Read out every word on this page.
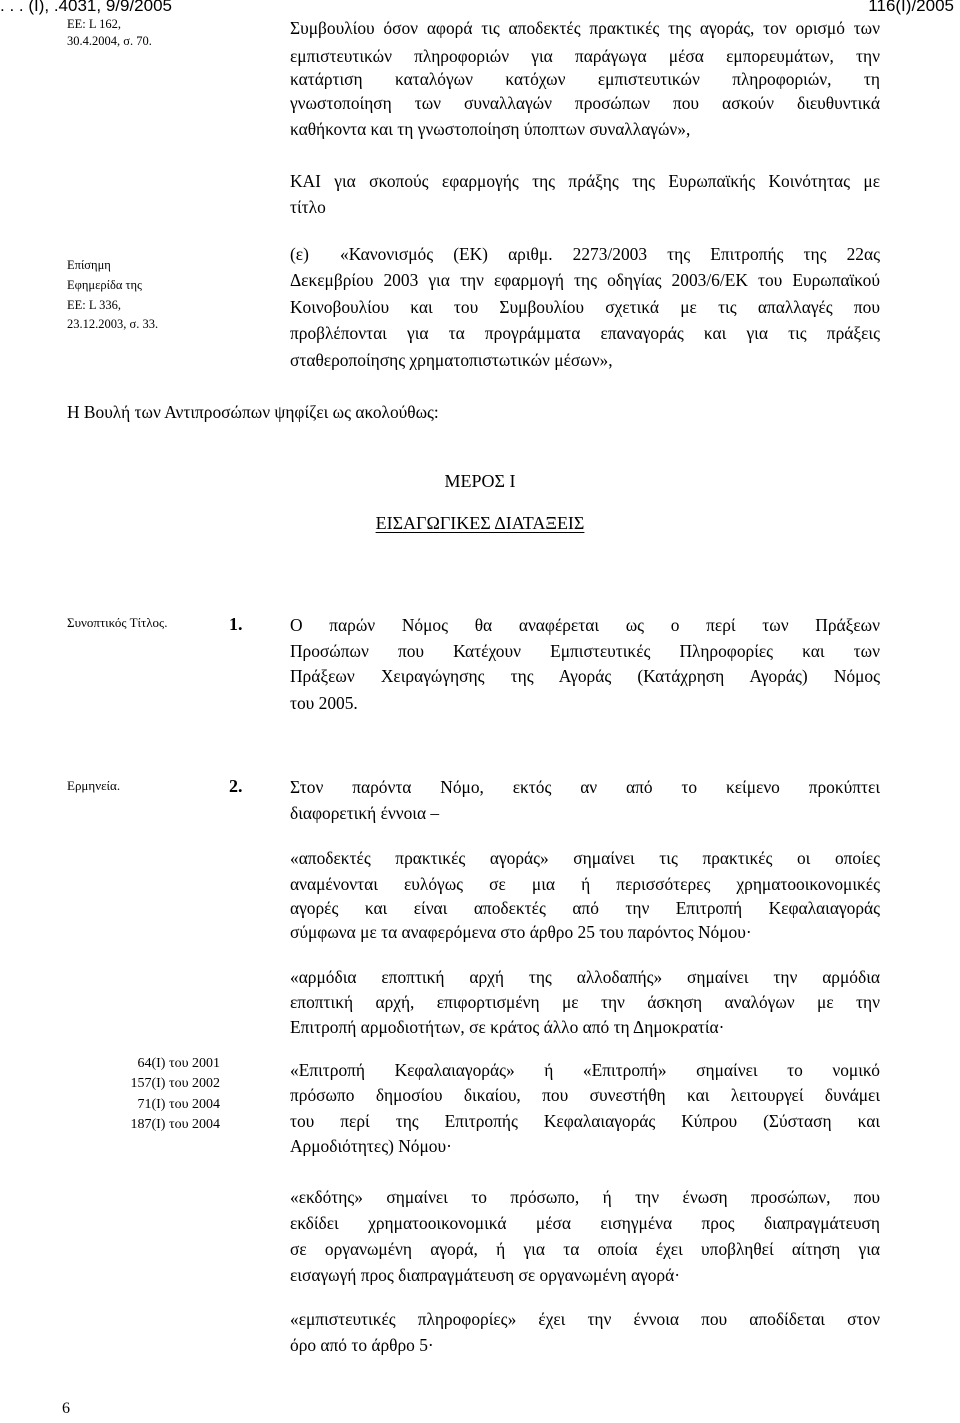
. . . (Ι), .4031, 9/9/2005	116(Ι)/2005
ΕΕ: L 162,
30.4.2004, σ. 70.
Συμβουλίου όσον αφορά τις αποδεκτές πρακτικές της αγοράς, τον ορισμό των
εμπιστευτικών πληροφοριών για παράγωγα μέσα εμπορευμάτων, την
κατάρτιση καταλόγων κατόχων εμπιστευτικών πληροφοριών, τη
γνωστοποίηση των συναλλαγών προσώπων που ασκούν διευθυντικά
καθήκοντα και τη γνωστοποίηση ύποπτων συναλλαγών»,
ΚΑΙ για σκοπούς εφαρμογής της πράξης της Ευρωπαϊκής Κοινότητας με
τίτλο
Επίσημη
Εφημερίδα της
ΕΕ: L 336,
23.12.2003, σ. 33.
(ε) «Κανονισμός (ΕΚ) αριθμ. 2273/2003 της Επιτροπής της 22ας
Δεκεμβρίου 2003 για την εφαρμογή της οδηγίας 2003/6/ΕΚ του Ευρωπαϊκού
Κοινοβουλίου και του Συμβουλίου σχετικά με τις απαλλαγές που
προβλέπονται για τα προγράμματα επαναγοράς και για τις πράξεις
σταθεροποίησης χρηματοπιστωτικών μέσων»,
Η Βουλή των Αντιπροσώπων ψηφίζει ως ακολούθως:
ΜΕΡΟΣ Ι
ΕΙΣΑΓΩΓΙΚΕΣ ΔΙΑΤΑΞΕΙΣ
Συνοπτικός Τίτλος.	1.	Ο παρών Νόμος θα αναφέρεται ως ο περί των Πράξεων
Προσώπων που Κατέχουν Εμπιστευτικές Πληροφορίες και των
Πράξεων Χειραγώγησης της Αγοράς (Κατάχρηση Αγοράς) Νόμος
του 2005.
Ερμηνεία.	2.	Στον παρόντα Νόμο, εκτός αν από το κείμενο προκύπτει
διαφορετική έννοια –
«αποδεκτές πρακτικές αγοράς» σημαίνει τις πρακτικές οι οποίες
αναμένονται ευλόγως σε μια ή περισσότερες χρηματοοικονομικές
αγορές και είναι αποδεκτές από την Επιτροπή Κεφαλαιαγοράς
σύμφωνα με τα αναφερόμενα στο άρθρο 25 του παρόντος Νόμου·
«αρμόδια εποπτική αρχή της αλλοδαπής» σημαίνει την αρμόδια
εποπτική αρχή, επιφορτισμένη με την άσκηση αναλόγων με την
Επιτροπή αρμοδιοτήτων, σε κράτος άλλο από τη Δημοκρατία·
64(Ι) του 2001
157(Ι) του 2002
71(Ι) του 2004
187(Ι) του 2004
«Επιτροπή Κεφαλαιαγοράς» ή «Επιτροπή» σημαίνει το νομικό
πρόσωπο δημοσίου δικαίου, που συνεστήθη και λειτουργεί δυνάμει
του περί της Επιτροπής Κεφαλαιαγοράς Κύπρου (Σύσταση και
Αρμοδιότητες) Νόμου·
«εκδότης» σημαίνει το πρόσωπο, ή την ένωση προσώπων, που
εκδίδει χρηματοοικονομικά μέσα εισηγμένα προς διαπραγμάτευση
σε οργανωμένη αγορά, ή για τα οποία έχει υποβληθεί αίτηση για
εισαγωγή προς διαπραγμάτευση σε οργανωμένη αγορά·
«εμπιστευτικές πληροφορίες» έχει την έννοια που αποδίδεται στον
όρο από το άρθρο 5·
6
